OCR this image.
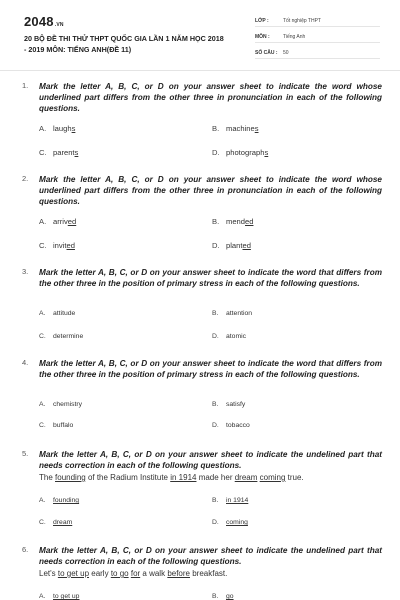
2048.VN
20 BỘ ĐỀ THI THỬ THPT QUỐC GIA LẦN 1 NĂM HỌC 2018
- 2019 MÔN: TIẾNG ANH(ĐỀ 11)
LỚP :	Tốt nghiệp THPT
MÔN :	Tiếng Anh
SỐ CÂU : 50
1. Mark the letter A, B, C, or D on your answer sheet to indicate the word whose underlined part differs from the other three in pronunciation in each of the following questions.
A. laughs	B. machines
C. parents	D. photographs
2. Mark the letter A, B, C, or D on your answer sheet to indicate the word whose underlined part differs from the other three in pronunciation in each of the following questions.
A. arrived	B. mended
C. invited	D. planted
3. Mark the letter A, B, C, or D on your answer sheet to indicate the word that differs from the other three in the position of primary stress in each of the following questions.
A. attitude	B. attention
C. determine	D. atomic
4. Mark the letter A, B, C, or D on your answer sheet to indicate the word that differs from the other three in the position of primary stress in each of the following questions.
A. chemistry	B. satisfy
C. buffalo	D. tobacco
5. Mark the letter A, B, C, or D on your answer sheet to indicate the undelined part that needs correction in each of the following questions.
The founding of the Radium Institute in 1914 made her dream coming true.
A. founding	B. in 1914
C. dream	D. coming
6. Mark the letter A, B, C, or D on your answer sheet to indicate the undelined part that needs correction in each of the following questions.
Let's to get up early to go for a walk before breakfast.
A. to get up	B. go
